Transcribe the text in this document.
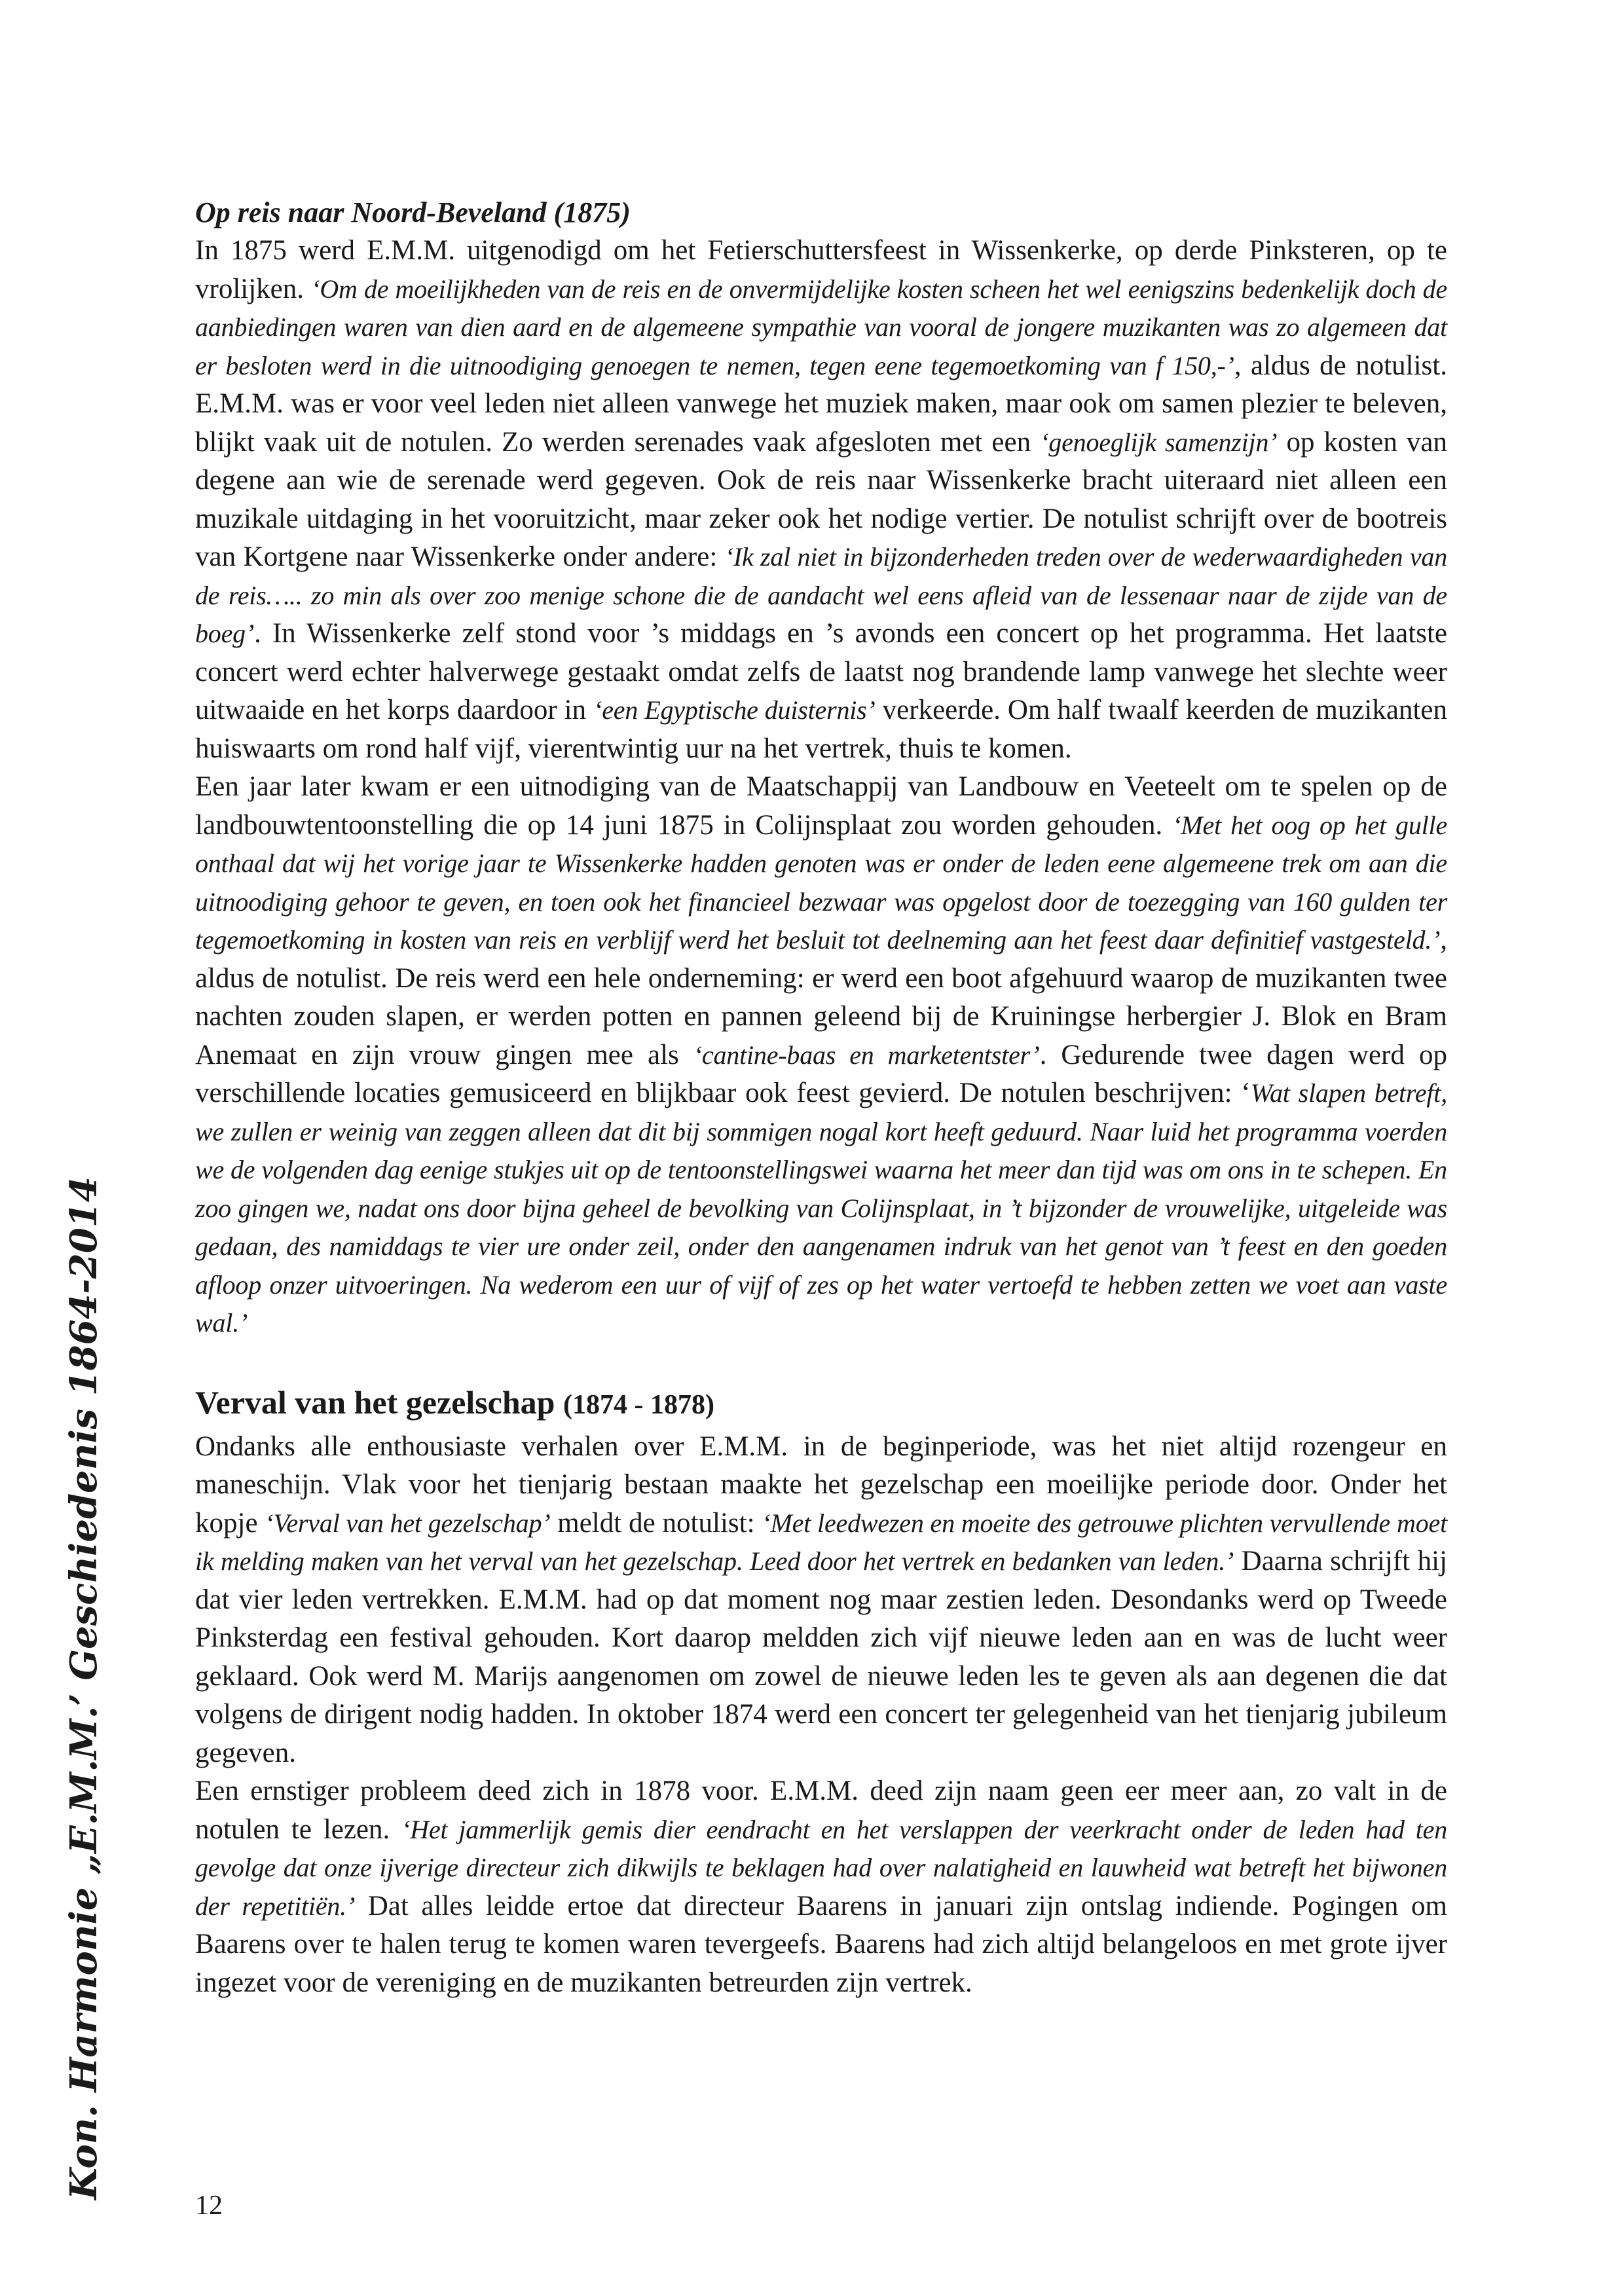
Kon. Harmonie „E.M.M.’ Geschiedenis 1864-2014
Op reis naar Noord-Beveland (1875)

In 1875 werd E.M.M. uitgenodigd om het Fetierschuttersfeest in Wissenkerke, op derde Pinksteren, op te vrolijken. ‘Om de moeilijkheden van de reis en de onvermijdelijke kosten scheen het wel eenigszins bedenkelijk doch de aanbiedingen waren van dien aard en de algemeene sympathie van vooral de jongere muzikanten was zo algemeen dat er besloten werd in die uitnoodiging genoegen te nemen, tegen eene tegemoetkoming van f 150,-’, aldus de notulist. E.M.M. was er voor veel leden niet alleen vanwege het muziek maken, maar ook om samen plezier te beleven, blijkt vaak uit de notulen. Zo werden serenades vaak afgesloten met een ‘genoeglijk samenzijn’ op kosten van degene aan wie de serenade werd gegeven. Ook de reis naar Wissenkerke bracht uiteraard niet alleen een muzikale uitdaging in het vooruitzicht, maar zeker ook het nodige vertier. De notulist schrijft over de bootreis van Kortgene naar Wissenkerke onder andere: ‘Ik zal niet in bijzonderheden treden over de wederwaardigheden van de reis….. zo min als over zoo menige schone die de aandacht wel eens afleid van de lessenaar naar de zijde van de boeg’. In Wissenkerke zelf stond voor ’s middags en ’s avonds een concert op het programma. Het laatste concert werd echter halverwege gestaakt omdat zelfs de laatst nog brandende lamp vanwege het slechte weer uitwaaide en het korps daardoor in ‘een Egyptische duisternis’ verkeerde. Om half twaalf keerden de muzikanten huiswaarts om rond half vijf, vierentwintig uur na het vertrek, thuis te komen.

Een jaar later kwam er een uitnodiging van de Maatschappij van Landbouw en Veeteelt om te spelen op de landbouwtentoonstelling die op 14 juni 1875 in Colijnsplaat zou worden gehouden. ‘Met het oog op het gulle onthaal dat wij het vorige jaar te Wissenkerke hadden genoten was er onder de leden eene algemeene trek om aan die uitnoodiging gehoor te geven, en toen ook het financieel bezwaar was opgelost door de toezegging van 160 gulden ter tegemoetkoming in kosten van reis en verblijf werd het besluit tot deelneming aan het feest daar definitief vastgesteld.’, aldus de notulist. De reis werd een hele onderneming: er werd een boot afgehuurd waarop de muzikanten twee nachten zouden slapen, er werden potten en pannen geleend bij de Kruiningse herbergier J. Blok en Bram Anemaat en zijn vrouw gingen mee als ‘cantine-baas en marketentster’. Gedurende twee dagen werd op verschillende locaties gemusiceerd en blijkbaar ook feest gevierd. De notulen beschrijven: ‘Wat slapen betreft, we zullen er weinig van zeggen alleen dat dit bij sommigen nogal kort heeft geduurd. Naar luid het programma voerden we de volgenden dag eenige stukjes uit op de tentoonstellingswei waarna het meer dan tijd was om ons in te schepen. En zoo gingen we, nadat ons door bijna geheel de bevolking van Colijnsplaat, in ’t bijzonder de vrouwelijke, uitgeleide was gedaan, des namiddags te vier ure onder zeil, onder den aangenamen indruk van het genot van ’t feest en den goeden afloop onzer uitvoeringen. Na wederom een uur of vijf of zes op het water vertoefd te hebben zetten we voet aan vaste wal.’

Verval van het gezelschap (1874 - 1878)

Ondanks alle enthousiaste verhalen over E.M.M. in de beginperiode, was het niet altijd rozengeur en maneschijn. Vlak voor het tienjarig bestaan maakte het gezelschap een moeilijke periode door. Onder het kopje ‘Verval van het gezelschap’ meldt de notulist: ‘Met leedwezen en moeite des getrouwe plichten vervullende moet ik melding maken van het verval van het gezelschap. Leed door het vertrek en bedanken van leden.’ Daarna schrijft hij dat vier leden vertrekken. E.M.M. had op dat moment nog maar zestien leden. Desondanks werd op Tweede Pinksterdag een festival gehouden. Kort daarop meldden zich vijf nieuwe leden aan en was de lucht weer geklaard. Ook werd M. Marijs aangenomen om zowel de nieuwe leden les te geven als aan degenen die dat volgens de dirigent nodig hadden. In oktober 1874 werd een concert ter gelegenheid van het tienjarig jubileum gegeven.

Een ernstiger probleem deed zich in 1878 voor. E.M.M. deed zijn naam geen eer meer aan, zo valt in de notulen te lezen. ‘Het jammerlijk gemis dier eendracht en het verslappen der veerkracht onder de leden had ten gevolge dat onze ijverige directeur zich dikwijls te beklagen had over nalatigheid en lauwheid wat betreft het bijwonen der repetitiën.’ Dat alles leidde ertoe dat directeur Baarens in januari zijn ontslag indiende. Pogingen om Baarens over te halen terug te komen waren tevergeefs. Baarens had zich altijd belangeloos en met grote ijver ingezet voor de vereniging en de muzikanten betreurden zijn vertrek.

12
